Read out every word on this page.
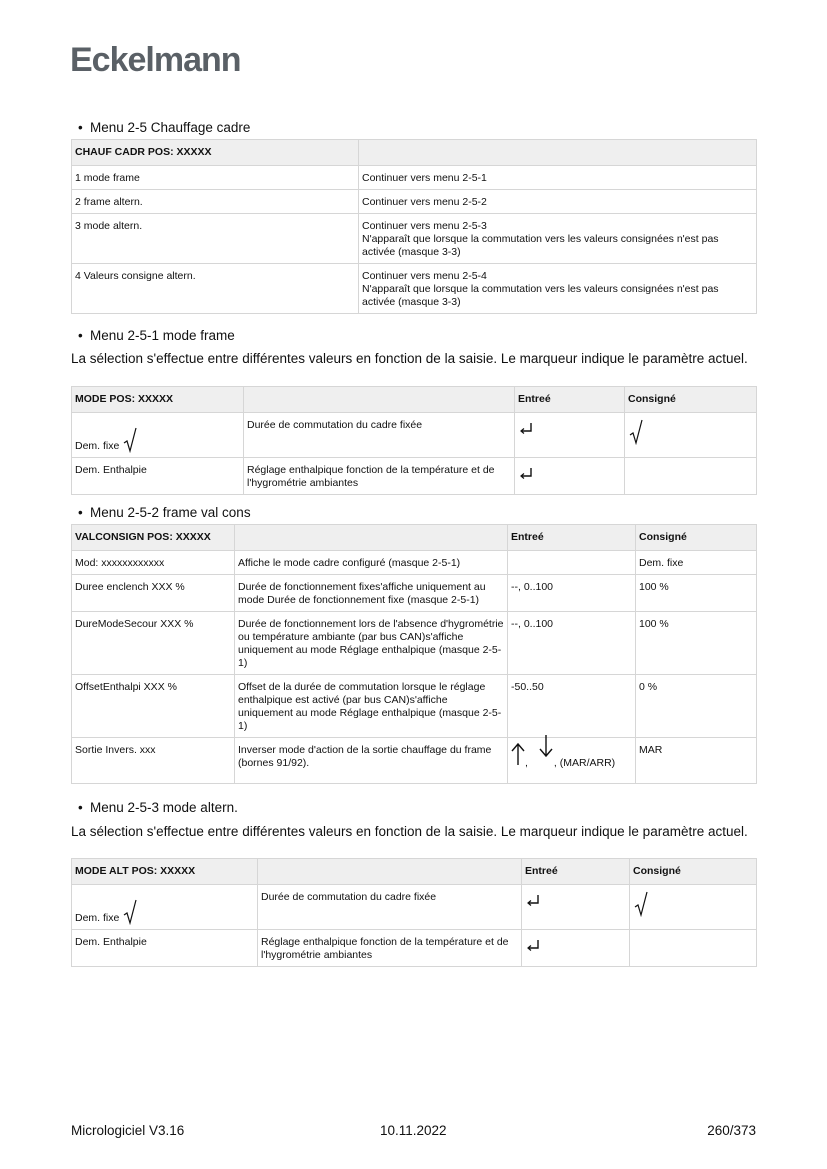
Eckelmann
• Menu 2-5 Chauffage cadre
CHAUF CADR POS: XXXXX	
1 mode frame	Continuer vers menu 2-5-1

2 frame altern.	Continuer vers menu 2-5-2

3 mode altern.	Continuer vers menu 2-5-3
N'apparaît que lorsque la commutation vers les valeurs consignées n'est pas activée (masque 3-3)

4 Valeurs consigne altern.	Continuer vers menu 2-5-4
N'apparaît que lorsque la commutation vers les valeurs consignées n'est pas activée (masque 3-3)
• Menu 2-5-1 mode frame
La sélection s'effectue entre différentes valeurs en fonction de la saisie. Le marqueur indique le paramètre actuel.
MODE POS: XXXXX		Entreé	Consigné
Dem. fixe	Durée de commutation du cadre fixée	

Dem. Enthalpie	Réglage enthalpique fonction de la température et de l'hygrométrie ambiantes	

• Menu 2-5-2 frame val cons
VALCONSIGN POS: XXXXX		Entreé	Consigné
Mod: xxxxxxxxxxxx	Affiche le mode cadre configuré (masque 2-5-1)		Dem. fixe
Duree enclench XXX %	Durée de fonctionnement fixes'affiche uniquement au mode Durée de fonctionnement fixe (masque 2-5-1)	--, 0..100	100 %
DureModeSecour XXX %	Durée de fonctionnement lors de l'absence d'hygrométrie ou température ambiante (par bus CAN)s'affiche uniquement au mode Réglage enthalpique (masque 2-5-1)	--, 0..100	100 %
OffsetEnthalpi XXX %	Offset de la durée de commutation lorsque le réglage enthalpique est activé (par bus CAN)s'affiche uniquement au mode Réglage enthalpique (masque 2-5-1)	-50..50	0 %
Sortie Invers. xxx	Inverser mode d'action de la sortie chauffage du frame (bornes 91/92).	, , (MAR/ARR)	MAR
• Menu 2-5-3 mode altern.
La sélection s'effectue entre différentes valeurs en fonction de la saisie. Le marqueur indique le paramètre actuel.
MODE ALT POS: XXXXX		Entreé	Consigné
Dem. fixe	Durée de commutation du cadre fixée	

Dem. Enthalpie	Réglage enthalpique fonction de la température et de l'hygrométrie ambiantes	

Micrologiciel V3.16	10.11.2022	260/373
